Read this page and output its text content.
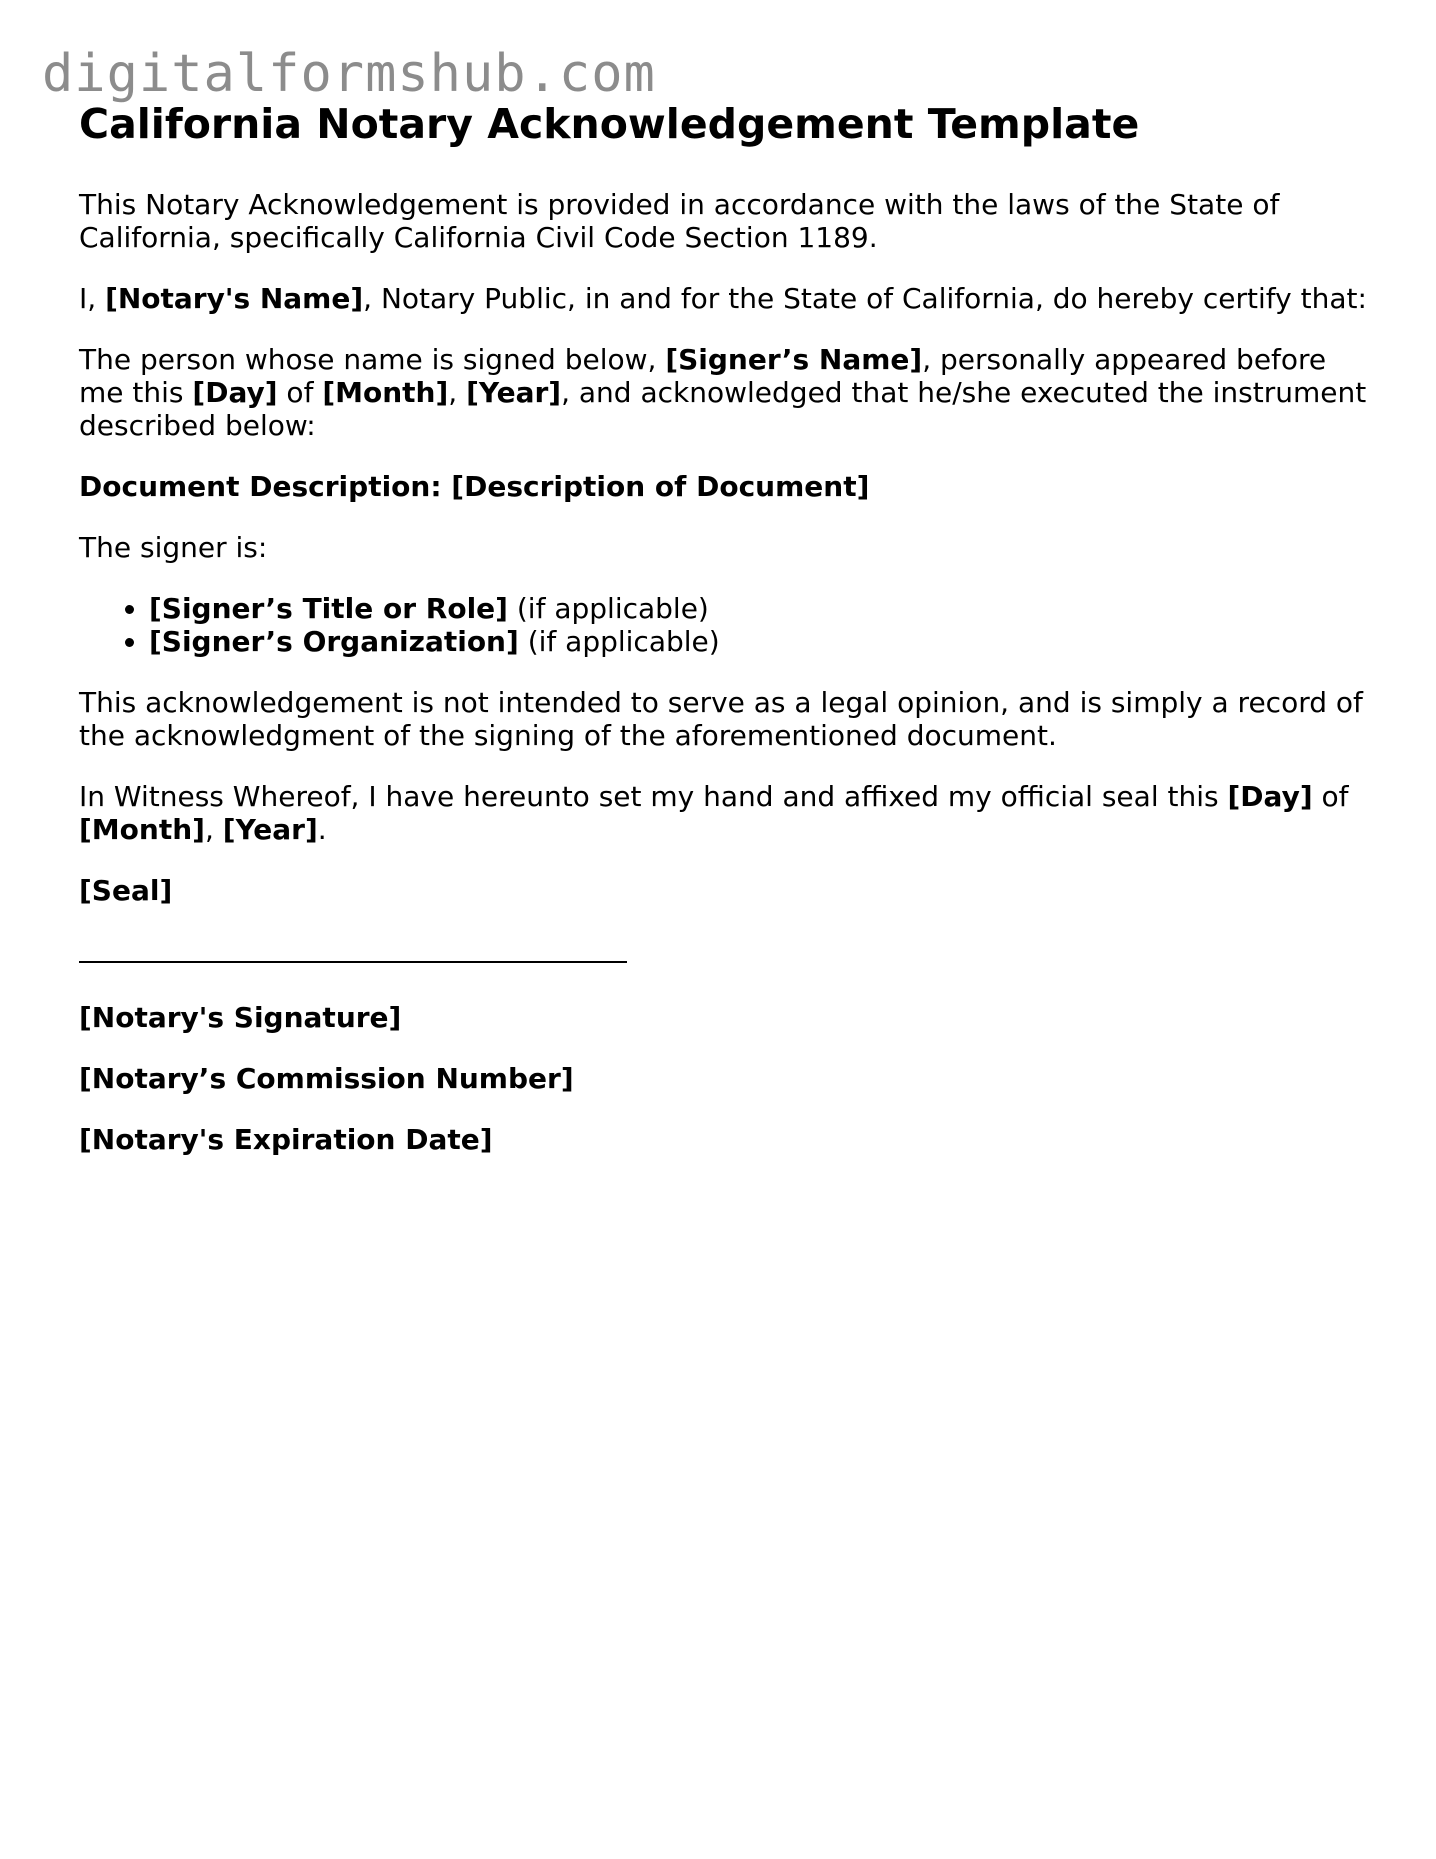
digitalformshub.com
California Notary Acknowledgement Template

This Notary Acknowledgement is provided in accordance with the laws of the State of California, specifically California Civil Code Section 1189.

I, [Notary's Name], Notary Public, in and for the State of California, do hereby certify that:

The person whose name is signed below, [Signer’s Name], personally appeared before me this [Day] of [Month], [Year], and acknowledged that he/she executed the instrument described below:

Document Description: [Description of Document]

The signer is:

• [Signer’s Title or Role] (if applicable)
• [Signer’s Organization] (if applicable)

This acknowledgement is not intended to serve as a legal opinion, and is simply a record of the acknowledgment of the signing of the aforementioned document.

In Witness Whereof, I have hereunto set my hand and affixed my official seal this [Day] of [Month], [Year].

[Seal]

[Notary's Signature]

[Notary’s Commission Number]

[Notary's Expiration Date]
